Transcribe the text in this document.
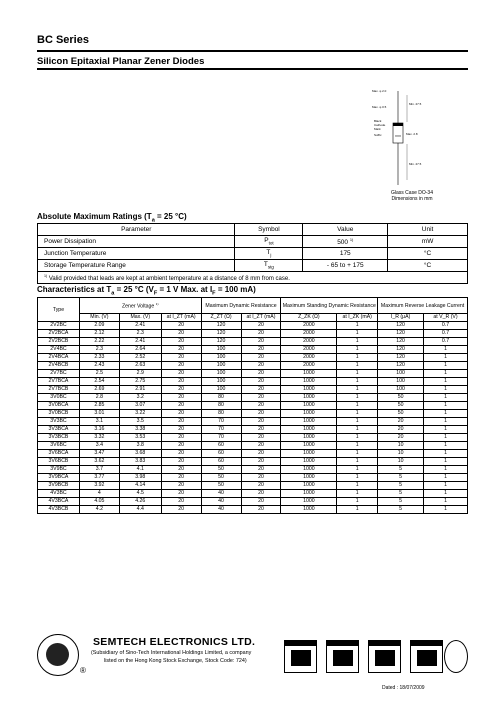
BC Series
Silicon Epitaxial Planar Zener Diodes
Max. φ 2.0
Max. φ 0.5
Min. 27.5
Max. 2.8
Min. 27.5
XXX
Black
Cathode
Mark
Suffix
Glass Case DO-34
Dimensions in mm
Absolute Maximum Ratings ($T_a = 25$ °C)
Parameter	Symbol	Value	Unit
Power Dissipation	$P_{tot}$	500 $^{1)}$	mW
Junction Temperature	$T_j$	175	°C
Storage Temperature Range	$T_{stg}$	- 65 to + 175	°C
$^{1)}$ Valid provided that leads are kept at ambient temperature at a distance of 8 mm from case.			
Characteristics at $T_a = 25$ °C ($V_F = 1$ V Max. at $I_F = 100$ mA)
Type	Zener Voltage $^{1)}$			Maximum Dynamic Resistance		Maximum Standing Dynamic Resistance		Maximum Reverse Leakage Current	
	Min. (V)	Max. (V)	at I_ZT (mA)	Z_ZT (Ω)	at I_ZT (mA)	Z_ZK (Ω)	at I_ZK (mA)	I_R (μA)	at V_R (V)
2V2BC	2.09	2.41	20	120	20	2000	1	120	0.7
2V2BCA	2.12	2.3	20	120	20	2000	1	120	0.7
2V2BCB	2.22	2.41	20	120	20	2000	1	120	0.7
2V4BC	2.3	2.64	20	100	20	2000	1	120	1
2V4BCA	2.33	2.52	20	100	20	2000	1	120	1
2V4BCB	2.43	2.63	20	100	20	2000	1	120	1
2V7BC	2.5	2.9	20	100	20	1000	1	100	1
2V7BCA	2.54	2.75	20	100	20	1000	1	100	1
2V7BCB	2.69	2.91	20	100	20	1000	1	100	1
3V0BC	2.8	3.2	20	80	20	1000	1	50	1
3V0BCA	2.85	3.07	20	80	20	1000	1	50	1
3V0BCB	3.01	3.22	20	80	20	1000	1	50	1
3V3BC	3.1	3.5	20	70	20	1000	1	20	1
3V3BCA	3.16	3.38	20	70	20	1000	1	20	1
3V3BCB	3.32	3.53	20	70	20	1000	1	20	1
3V6BC	3.4	3.8	20	60	20	1000	1	10	1
3V6BCA	3.47	3.68	20	60	20	1000	1	10	1
3V6BCB	3.62	3.83	20	60	20	1000	1	10	1
3V9BC	3.7	4.1	20	50	20	1000	1	5	1
3V9BCA	3.77	3.98	20	50	20	1000	1	5	1
3V9BCB	3.92	4.14	20	50	20	1000	1	5	1
4V3BC	4	4.5	20	40	20	1000	1	5	1
4V3BCA	4.05	4.26	20	40	20	1000	1	5	1
4V3BCB	4.2	4.4	20	40	20	1000	1	5	1
®
SEMTECH ELECTRONICS LTD.
(Subsidiary of Sino-Tech International Holdings Limited, a company
listed on the Hong Kong Stock Exchange, Stock Code: 724)
Dated : 18/07/2009
